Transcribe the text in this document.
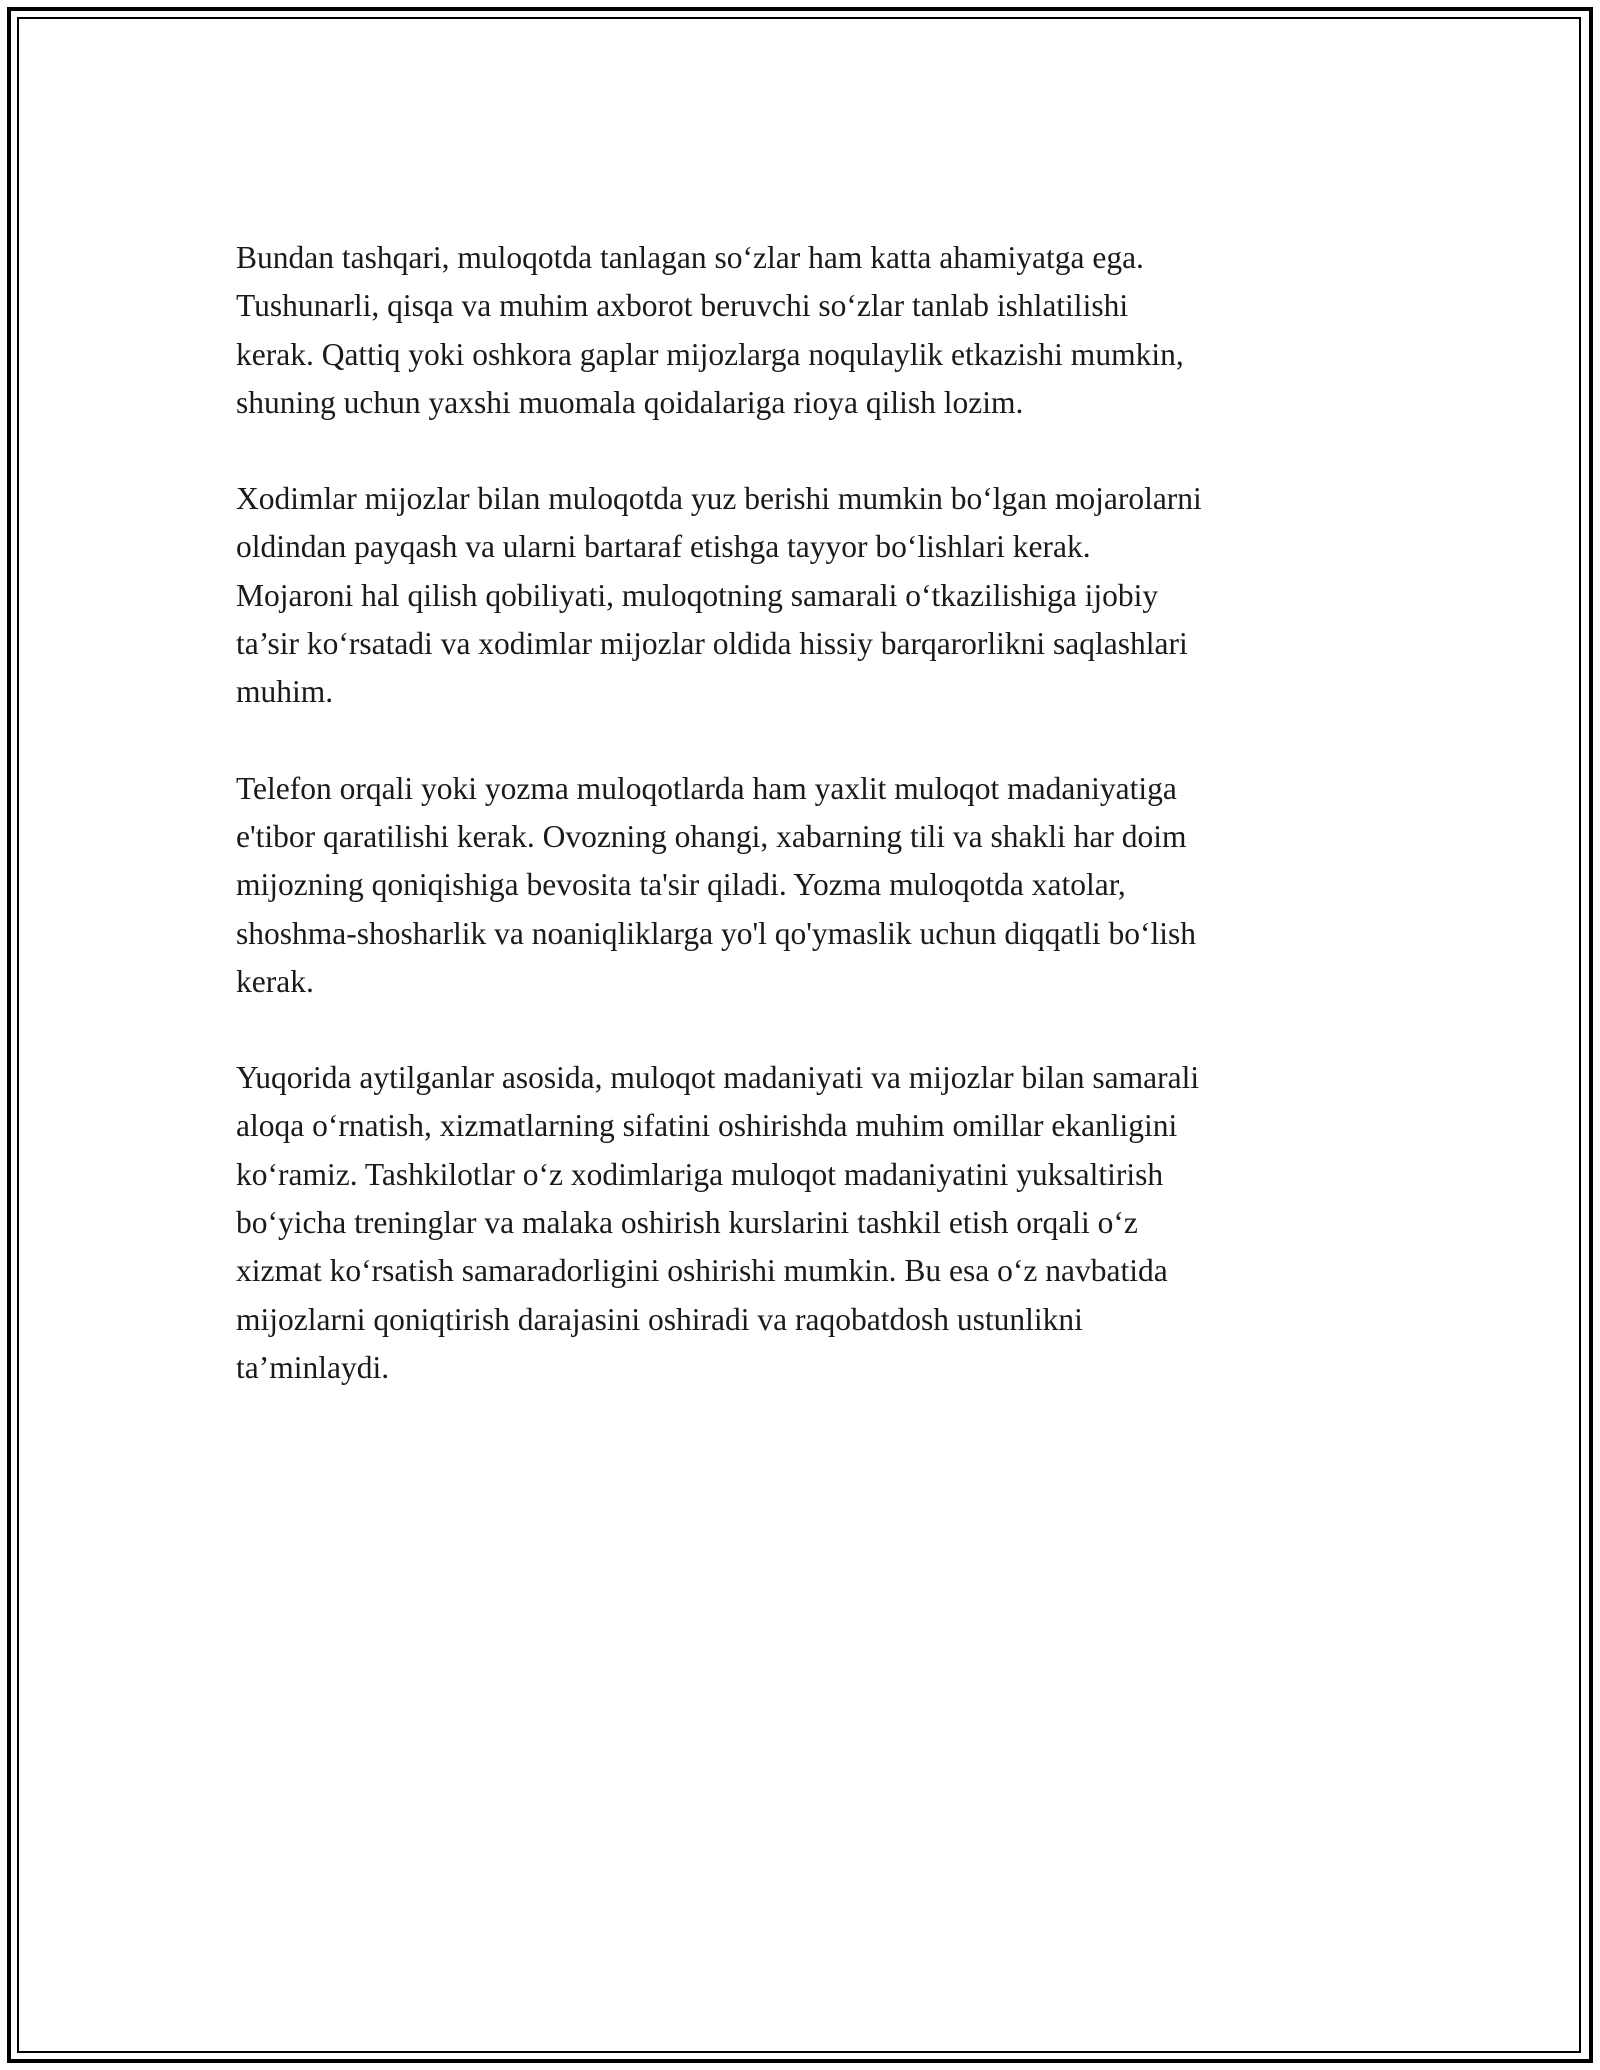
Bundan tashqari, muloqotda tanlagan so‘zlar ham katta ahamiyatga ega.
Tushunarli, qisqa va muhim axborot beruvchi so‘zlar tanlab ishlatilishi
kerak. Qattiq yoki oshkora gaplar mijozlarga noqulaylik etkazishi mumkin,
shuning uchun yaxshi muomala qoidalariga rioya qilish lozim.

Xodimlar mijozlar bilan muloqotda yuz berishi mumkin bo‘lgan mojarolarni
oldindan payqash va ularni bartaraf etishga tayyor bo‘lishlari kerak.
Mojaroni hal qilish qobiliyati, muloqotning samarali o‘tkazilishiga ijobiy
ta’sir ko‘rsatadi va xodimlar mijozlar oldida hissiy barqarorlikni saqlashlari
muhim.

Telefon orqali yoki yozma muloqotlarda ham yaxlit muloqot madaniyatiga
e'tibor qaratilishi kerak. Ovozning ohangi, xabarning tili va shakli har doim
mijozning qoniqishiga bevosita ta'sir qiladi. Yozma muloqotda xatolar,
shoshma-shosharlik va noaniqliklarga yo'l qo'ymaslik uchun diqqatli bo‘lish
kerak.

Yuqorida aytilganlar asosida, muloqot madaniyati va mijozlar bilan samarali
aloqa o‘rnatish, xizmatlarning sifatini oshirishda muhim omillar ekanligini
ko‘ramiz. Tashkilotlar o‘z xodimlariga muloqot madaniyatini yuksaltirish
bo‘yicha treninglar va malaka oshirish kurslarini tashkil etish orqali o‘z
xizmat ko‘rsatish samaradorligini oshirishi mumkin. Bu esa o‘z navbatida
mijozlarni qoniqtirish darajasini oshiradi va raqobatdosh ustunlikni
ta’minlaydi.
